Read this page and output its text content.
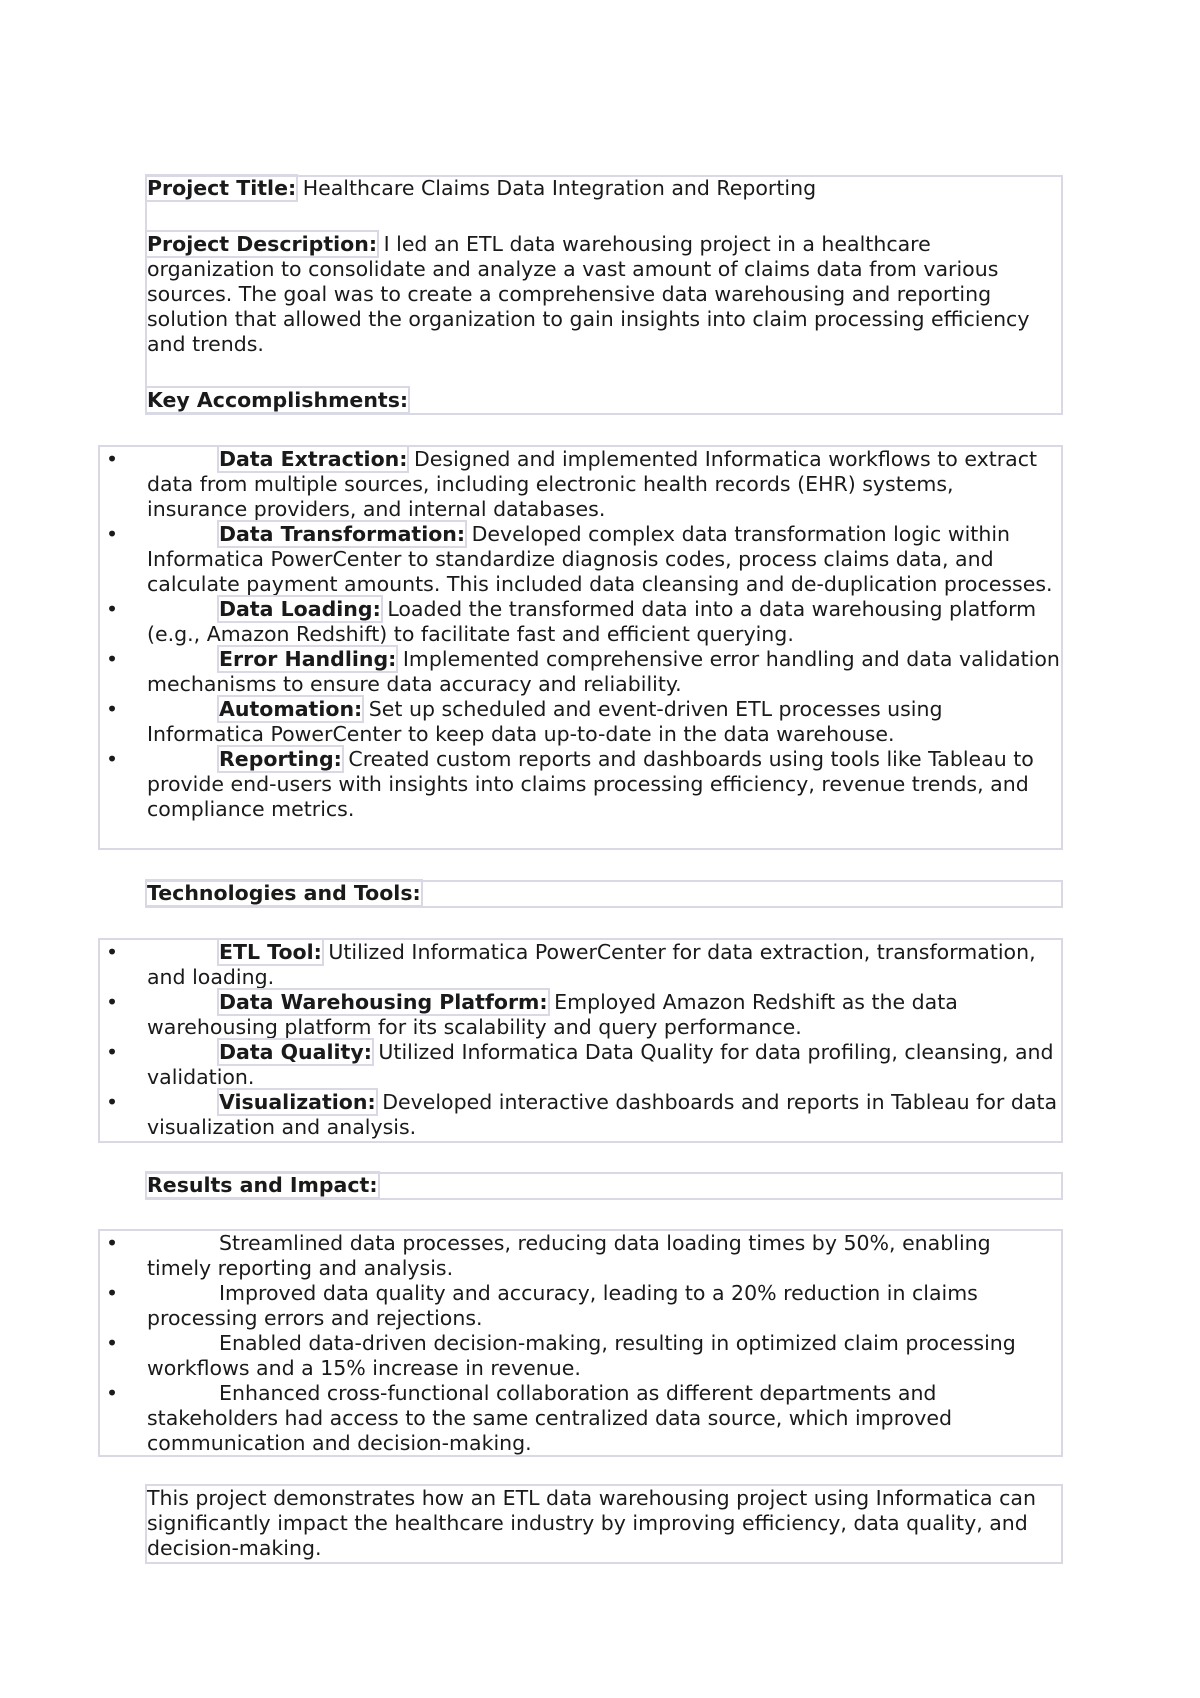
Project Title: Healthcare Claims Data Integration and Reporting

Project Description: I led an ETL data warehousing project in a healthcare organization to consolidate and analyze a vast amount of claims data from various sources. The goal was to create a comprehensive data warehousing and reporting solution that allowed the organization to gain insights into claim processing efficiency and trends.

Key Accomplishments:

•	Data Extraction: Designed and implemented Informatica workflows to extract data from multiple sources, including electronic health records (EHR) systems, insurance providers, and internal databases.
•	Data Transformation: Developed complex data transformation logic within Informatica PowerCenter to standardize diagnosis codes, process claims data, and calculate payment amounts. This included data cleansing and de-duplication processes.
•	Data Loading: Loaded the transformed data into a data warehousing platform (e.g., Amazon Redshift) to facilitate fast and efficient querying.
•	Error Handling: Implemented comprehensive error handling and data validation mechanisms to ensure data accuracy and reliability.
•	Automation: Set up scheduled and event-driven ETL processes using Informatica PowerCenter to keep data up-to-date in the data warehouse.
•	Reporting: Created custom reports and dashboards using tools like Tableau to provide end-users with insights into claims processing efficiency, revenue trends, and compliance metrics.
Technologies and Tools:
•	ETL Tool: Utilized Informatica PowerCenter for data extraction, transformation, and loading.
•	Data Warehousing Platform: Employed Amazon Redshift as the data warehousing platform for its scalability and query performance.
•	Data Quality: Utilized Informatica Data Quality for data profiling, cleansing, and validation.
•	Visualization: Developed interactive dashboards and reports in Tableau for data visualization and analysis.
Results and Impact:
•	Streamlined data processes, reducing data loading times by 50%, enabling timely reporting and analysis.
•	Improved data quality and accuracy, leading to a 20% reduction in claims processing errors and rejections.
•	Enabled data-driven decision-making, resulting in optimized claim processing workflows and a 15% increase in revenue.
•	Enhanced cross-functional collaboration as different departments and stakeholders had access to the same centralized data source, which improved communication and decision-making.

This project demonstrates how an ETL data warehousing project using Informatica can significantly impact the healthcare industry by improving efficiency, data quality, and decision-making.
